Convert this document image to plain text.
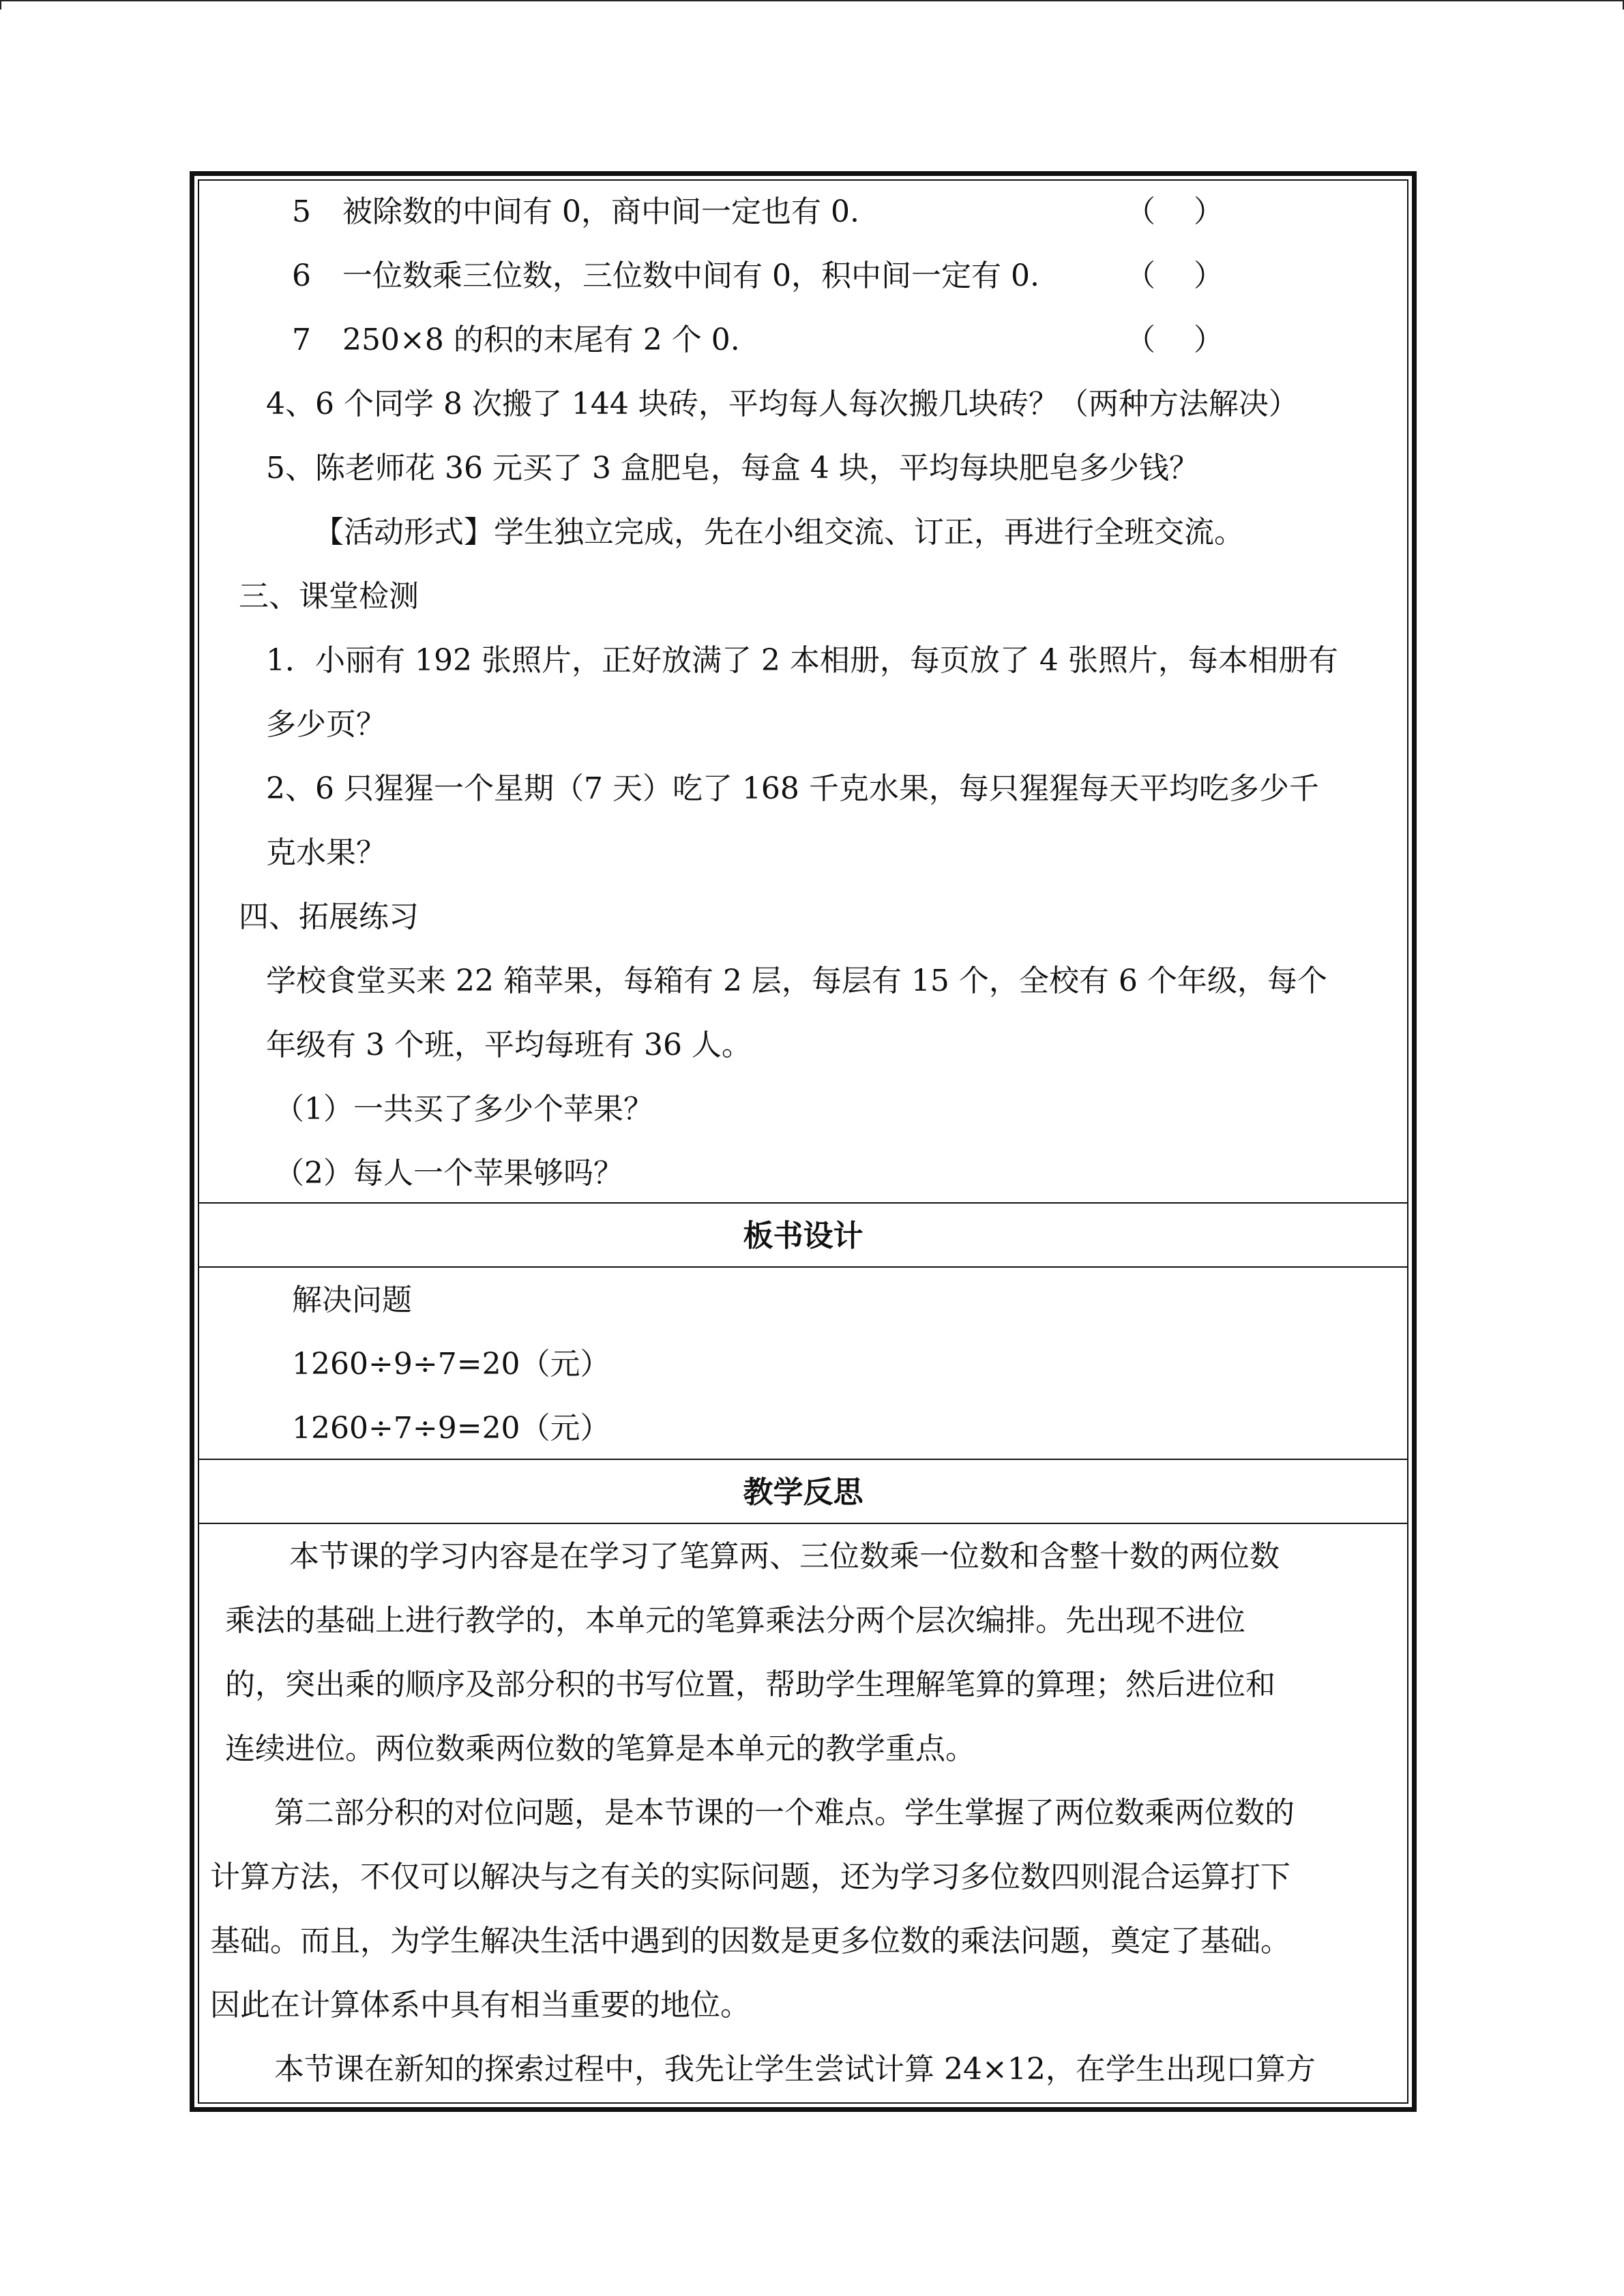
5 被除数的中间有 0，商中间一定也有 0.	（    ）
6 一位数乘三位数，三位数中间有 0，积中间一定有 0.	（    ）
7 250×8 的积的末尾有 2 个 0.	（    ）
4、6 个同学 8 次搬了 144 块砖，平均每人每次搬几块砖？（两种方法解决）
5、陈老师花 36 元买了 3 盒肥皂，每盒 4 块，平均每块肥皂多少钱？
【活动形式】学生独立完成，先在小组交流、订正，再进行全班交流。
三、课堂检测
1．小丽有 192 张照片，正好放满了 2 本相册，每页放了 4 张照片，每本相册有
多少页？
2、6 只猩猩一个星期（7 天）吃了 168 千克水果，每只猩猩每天平均吃多少千
克水果？
四、拓展练习
学校食堂买来 22 箱苹果，每箱有 2 层，每层有 15 个，全校有 6 个年级，每个
年级有 3 个班，平均每班有 36 人。
（1）一共买了多少个苹果？
（2）每人一个苹果够吗？
板书设计
解决问题
1260÷9÷7=20（元）
1260÷7÷9=20（元）
教学反思
本节课的学习内容是在学习了笔算两、三位数乘一位数和含整十数的两位数
乘法的基础上进行教学的，本单元的笔算乘法分两个层次编排。先出现不进位
的，突出乘的顺序及部分积的书写位置，帮助学生理解笔算的算理；然后进位和
连续进位。两位数乘两位数的笔算是本单元的教学重点。
第二部分积的对位问题，是本节课的一个难点。学生掌握了两位数乘两位数的
计算方法，不仅可以解决与之有关的实际问题，还为学习多位数四则混合运算打下
基础。而且，为学生解决生活中遇到的因数是更多位数的乘法问题，奠定了基础。
因此在计算体系中具有相当重要的地位。
本节课在新知的探索过程中，我先让学生尝试计算 24×12，在学生出现口算方
